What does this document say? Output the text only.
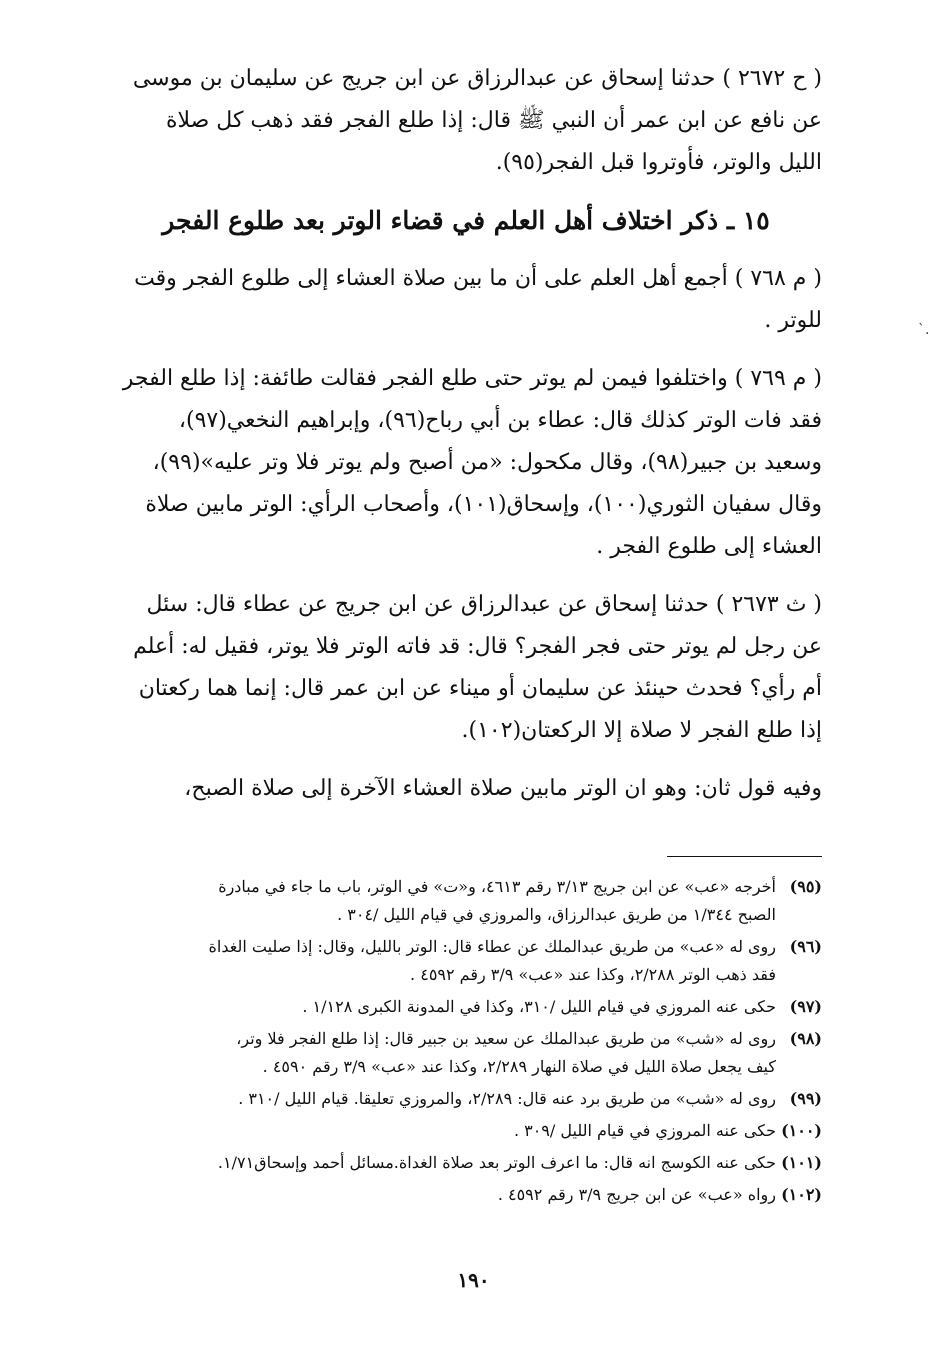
( ح ٢٦٧٢ ) حدثنا إسحاق عن عبدالرزاق عن ابن جريج عن سليمان بن موسى
عن نافع عن ابن عمر أن النبي ﷺ قال: إذا طلع الفجر فقد ذهب كل صلاة
الليل والوتر، فأوتروا قبل الفجر(٩٥).
١٥ ـ ذكر اختلاف أهل العلم في قضاء الوتر بعد طلوع الفجر
( م ٧٦٨ ) أجمع أهل العلم على أن ما بين صلاة العشاء إلى طلوع الفجر وقت
للوتر .
( م ٧٦٩ ) واختلفوا فيمن لم يوتر حتى طلع الفجر فقالت طائفة: إذا طلع الفجر
فقد فات الوتر كذلك قال: عطاء بن أبي رباح(٩٦)، وإبراهيم النخعي(٩٧)،
وسعيد بن جبير(٩٨)، وقال مكحول: «من أصبح ولم يوتر فلا وتر عليه»(٩٩)،
وقال سفيان الثوري(١٠٠)، وإسحاق(١٠١)، وأصحاب الرأي: الوتر مابين صلاة
العشاء إلى طلوع الفجر .
( ث ٢٦٧٣ ) حدثنا إسحاق عن عبدالرزاق عن ابن جريج عن عطاء قال: سئل
عن رجل لم يوتر حتى فجر الفجر؟ قال: قد فاته الوتر فلا يوتر، فقيل له: أعلم
أم رأي؟ فحدث حينئذ عن سليمان أو ميناء عن ابن عمر قال: إنما هما ركعتان
إذا طلع الفجر لا صلاة إلا الركعتان(١٠٢).
وفيه قول ثان: وهو ان الوتر مابين صلاة العشاء الآخرة إلى صلاة الصبح،
(٩٥)
أخرجه «عب» عن ابن جريج ٣/١٣ رقم ٤٦١٣، و«ت» في الوتر، باب ما جاء في مبادرة
الصبح ١/٣٤٤ من طريق عبدالرزاق، والمروزي في قيام الليل /٣٠٤ .
(٩٦)
روى له «عب» من طريق عبدالملك عن عطاء قال: الوتر بالليل، وقال: إذا صليت الغداة
فقد ذهب الوتر ٢/٢٨٨، وكذا عند «عب» ٣/٩ رقم ٤٥٩٢ .
(٩٧)
حكى عنه المروزي في قيام الليل /٣١٠، وكذا في المدونة الكبرى ١/١٢٨ .
(٩٨)
روى له «شب» من طريق عبدالملك عن سعيد بن جبير قال: إذا طلع الفجر فلا وتر،
كيف يجعل صلاة الليل في صلاة النهار ٢/٢٨٩، وكذا عند «عب» ٣/٩ رقم ٤٥٩٠ .
(٩٩)
روى له «شب» من طريق برد عنه قال: ٢/٢٨٩، والمروزي تعليقا. قيام الليل /٣١٠ .
(١٠٠)
حكى عنه المروزي في قيام الليل /٣٠٩ .
(١٠١)
حكى عنه الكوسج انه قال: ما اعرف الوتر بعد صلاة الغداة.مسائل أحمد وإسحاق١/٧١.
(١٠٢)
رواه «عب» عن ابن جريج ٣/٩ رقم ٤٥٩٢ .
ˋ.
١٩٠
